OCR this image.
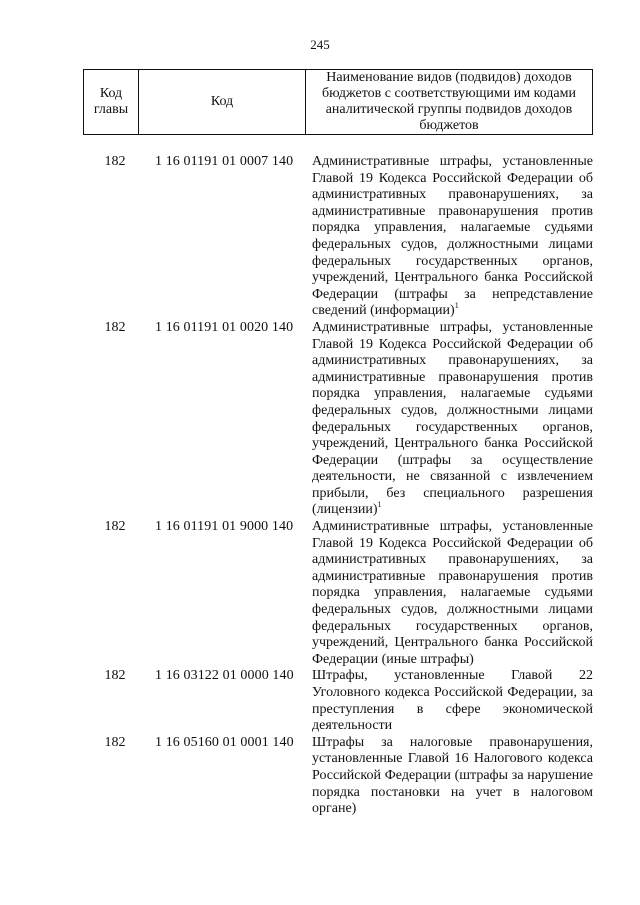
245
Код главы	Код	Наименование видов (подвидов) доходов бюджетов с соответствующими им кодами аналитической группы подвидов доходов бюджетов
182	1 16 01191 01 0007 140	Административные штрафы, установленные Главой 19 Кодекса Российской Федерации об административных правонарушениях, за административные правонарушения против порядка управления, налагаемые судьями федеральных судов, должностными лицами федеральных государственных органов, учреждений, Центрального банка Российской Федерации (штрафы за непредставление сведений (информации)$^1$
182	1 16 01191 01 0020 140	Административные штрафы, установленные Главой 19 Кодекса Российской Федерации об административных правонарушениях, за административные правонарушения против порядка управления, налагаемые судьями федеральных судов, должностными лицами федеральных государственных органов, учреждений, Центрального банка Российской Федерации (штрафы за осуществление деятельности, не связанной с извлечением прибыли, без специального разрешения (лицензии)$^1$
182	1 16 01191 01 9000 140	Административные штрафы, установленные Главой 19 Кодекса Российской Федерации об административных правонарушениях, за административные правонарушения против порядка управления, налагаемые судьями федеральных судов, должностными лицами федеральных государственных органов, учреждений, Центрального банка Российской Федерации (иные штрафы)
182	1 16 03122 01 0000 140	Штрафы, установленные Главой 22 Уголовного кодекса Российской Федерации, за преступления в сфере экономической деятельности
182	1 16 05160 01 0001 140	Штрафы за налоговые правонарушения, установленные Главой 16 Налогового кодекса Российской Федерации (штрафы за нарушение порядка постановки на учет в налоговом органе)
